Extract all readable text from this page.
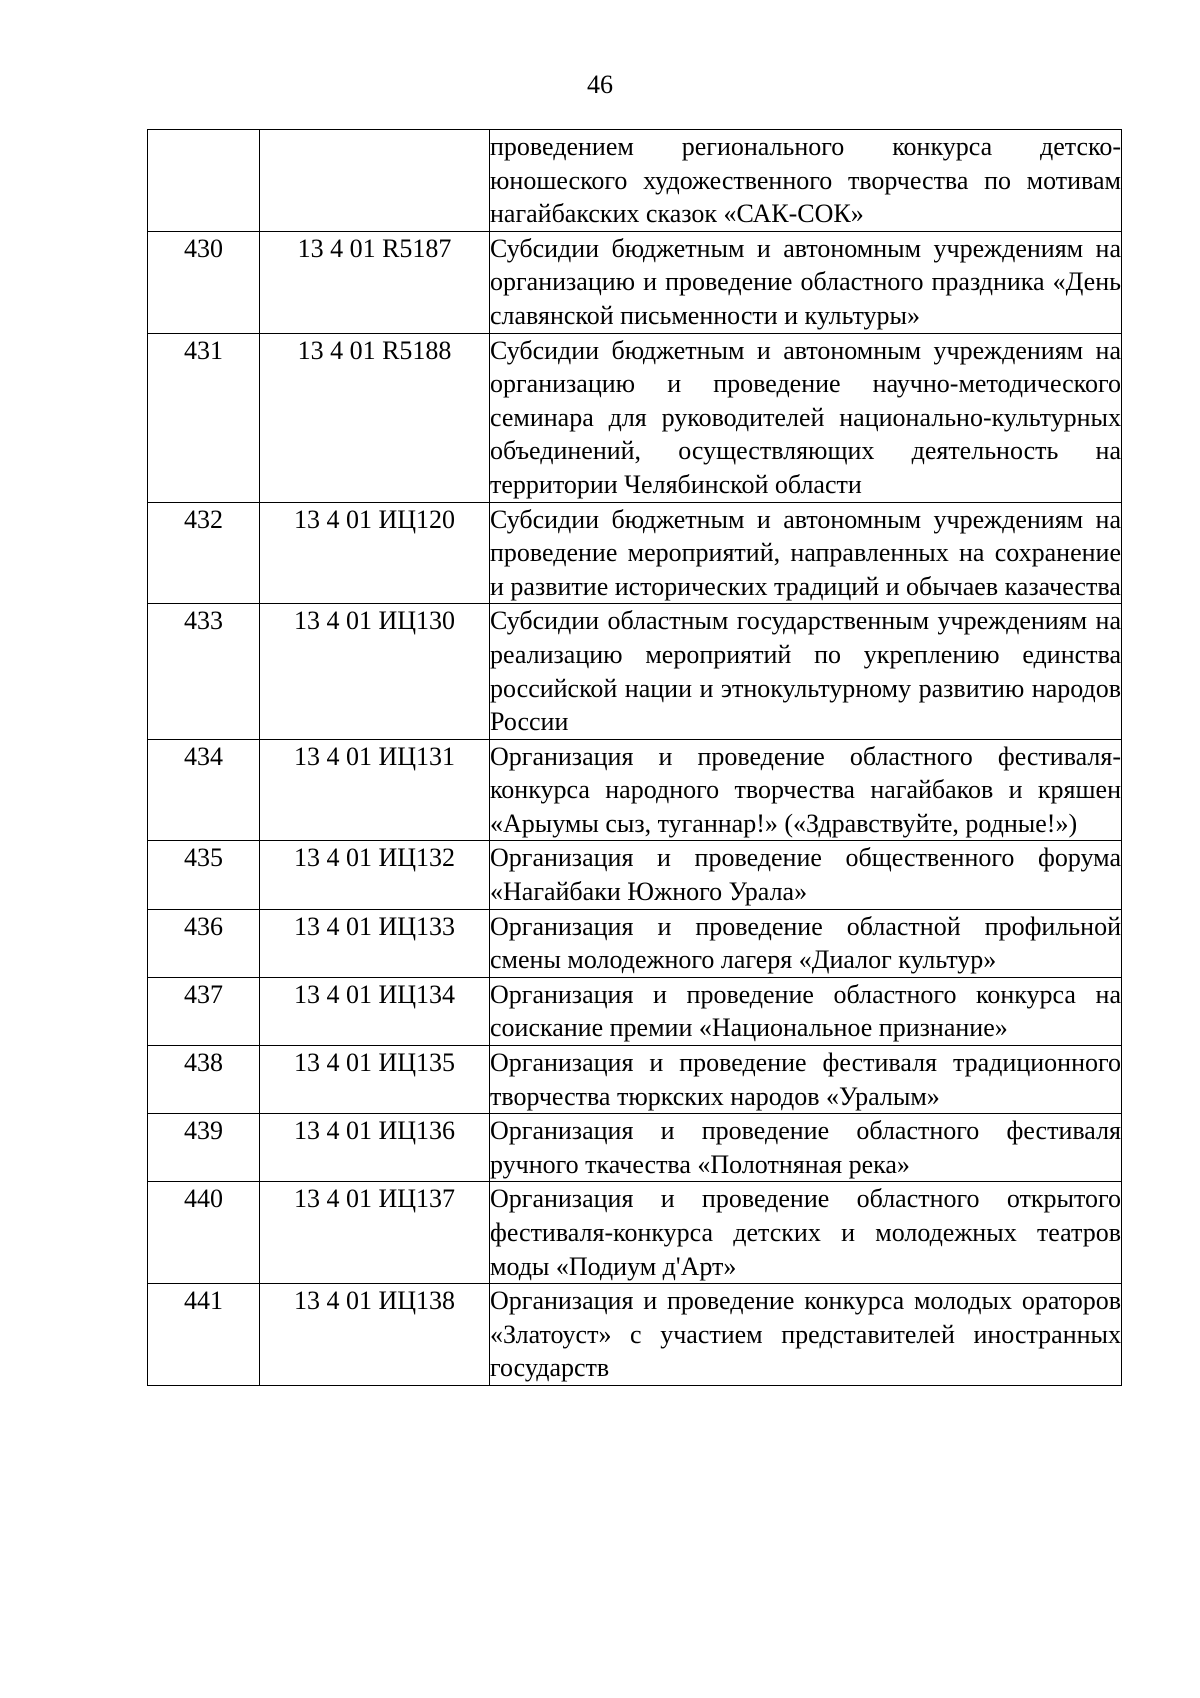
46
		проведением регионального конкурса детско-юношеского художественного творчества по мотивам нагайбакских сказок «САК-СОК»
430	13 4 01 R5187	Субсидии бюджетным и автономным учреждениям на организацию и проведение областного праздника «День славянской письменности и культуры»
431	13 4 01 R5188	Субсидии бюджетным и автономным учреждениям на организацию и проведение научно-методического семинара для руководителей национально-культурных объединений, осуществляющих деятельность на территории Челябинской области
432	13 4 01 ИЦ120	Субсидии бюджетным и автономным учреждениям на проведение мероприятий, направленных на сохранение и развитие исторических традиций и обычаев казачества
433	13 4 01 ИЦ130	Субсидии областным государственным учреждениям на реализацию мероприятий по укреплению единства российской нации и этнокультурному развитию народов России
434	13 4 01 ИЦ131	Организация и проведение областного фестиваля-конкурса народного творчества нагайбаков и кряшен «Арыумы сыз, туганнар!» («Здравствуйте, родные!»)
435	13 4 01 ИЦ132	Организация и проведение общественного форума «Нагайбаки Южного Урала»
436	13 4 01 ИЦ133	Организация и проведение областной профильной смены молодежного лагеря «Диалог культур»
437	13 4 01 ИЦ134	Организация и проведение областного конкурса на соискание премии «Национальное признание»
438	13 4 01 ИЦ135	Организация и проведение фестиваля традиционного творчества тюркских народов «Уралым»
439	13 4 01 ИЦ136	Организация и проведение областного фестиваля ручного ткачества «Полотняная река»
440	13 4 01 ИЦ137	Организация и проведение областного открытого фестиваля-конкурса детских и молодежных театров моды «Подиум д'Арт»
441	13 4 01 ИЦ138	Организация и проведение конкурса молодых ораторов «Златоуст» с участием представителей иностранных государств
